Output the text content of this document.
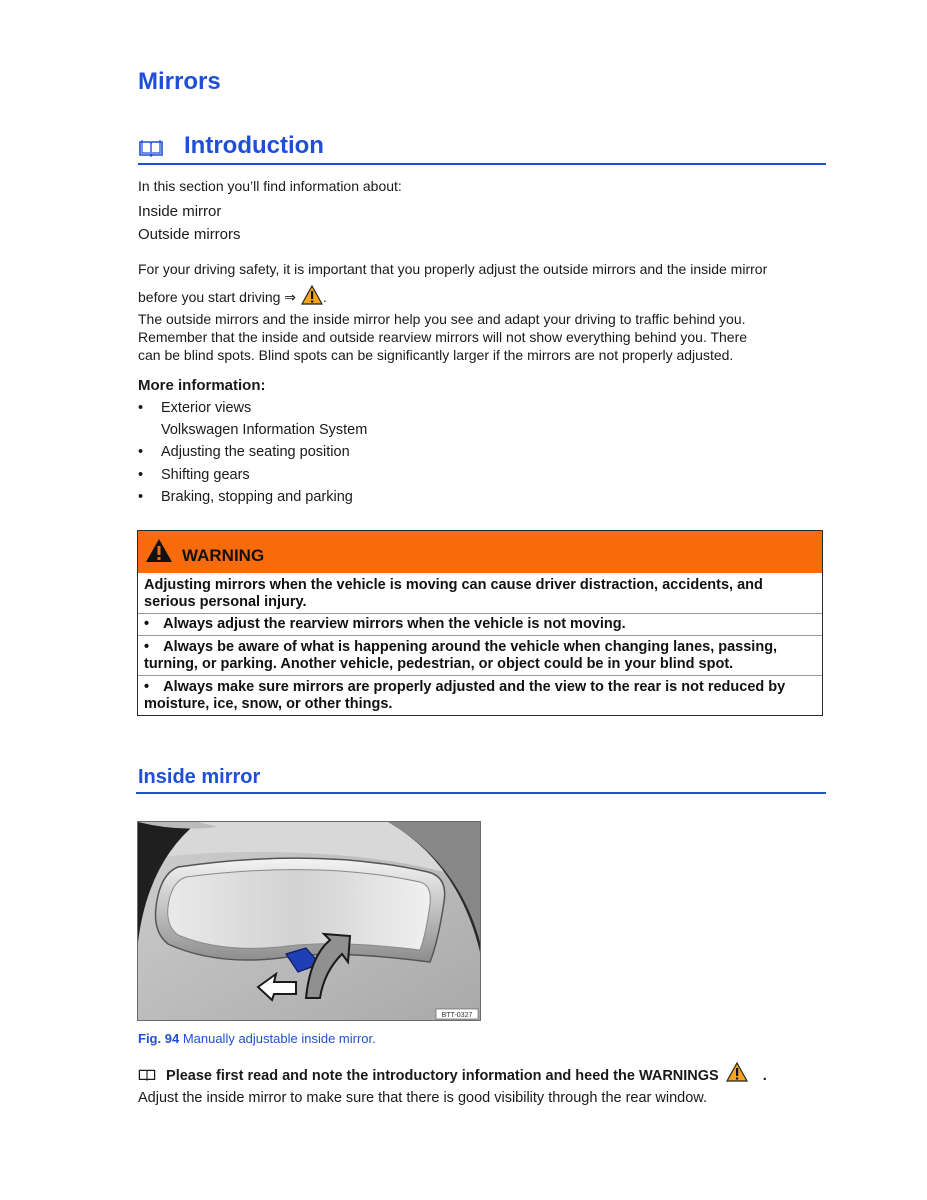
Mirrors
Introduction
In this section you’ll find information about:
Inside mirror
Outside mirrors
For your driving safety, it is important that you properly adjust the outside mirrors and the inside mirror
before you start driving ⇒ .
The outside mirrors and the inside mirror help you see and adapt your driving to traffic behind you.
Remember that the inside and outside rearview mirrors will not show everything behind you. There
can be blind spots. Blind spots can be significantly larger if the mirrors are not properly adjusted.
More information:
• Exterior views
Volkswagen Information System
• Adjusting the seating position
• Shifting gears
• Braking, stopping and parking
WARNING
Adjusting mirrors when the vehicle is moving can cause driver distraction, accidents, and
serious personal injury.
• Always adjust the rearview mirrors when the vehicle is not moving.
• Always be aware of what is happening around the vehicle when changing lanes, passing,
turning, or parking. Another vehicle, pedestrian, or object could be in your blind spot.
• Always make sure mirrors are properly adjusted and the view to the rear is not reduced by
moisture, ice, snow, or other things.
Inside mirror
BTT-0327
Fig. 94 Manually adjustable inside mirror.
Please first read and note the introductory information and heed the WARNINGS	.
Adjust the inside mirror to make sure that there is good visibility through the rear window.
